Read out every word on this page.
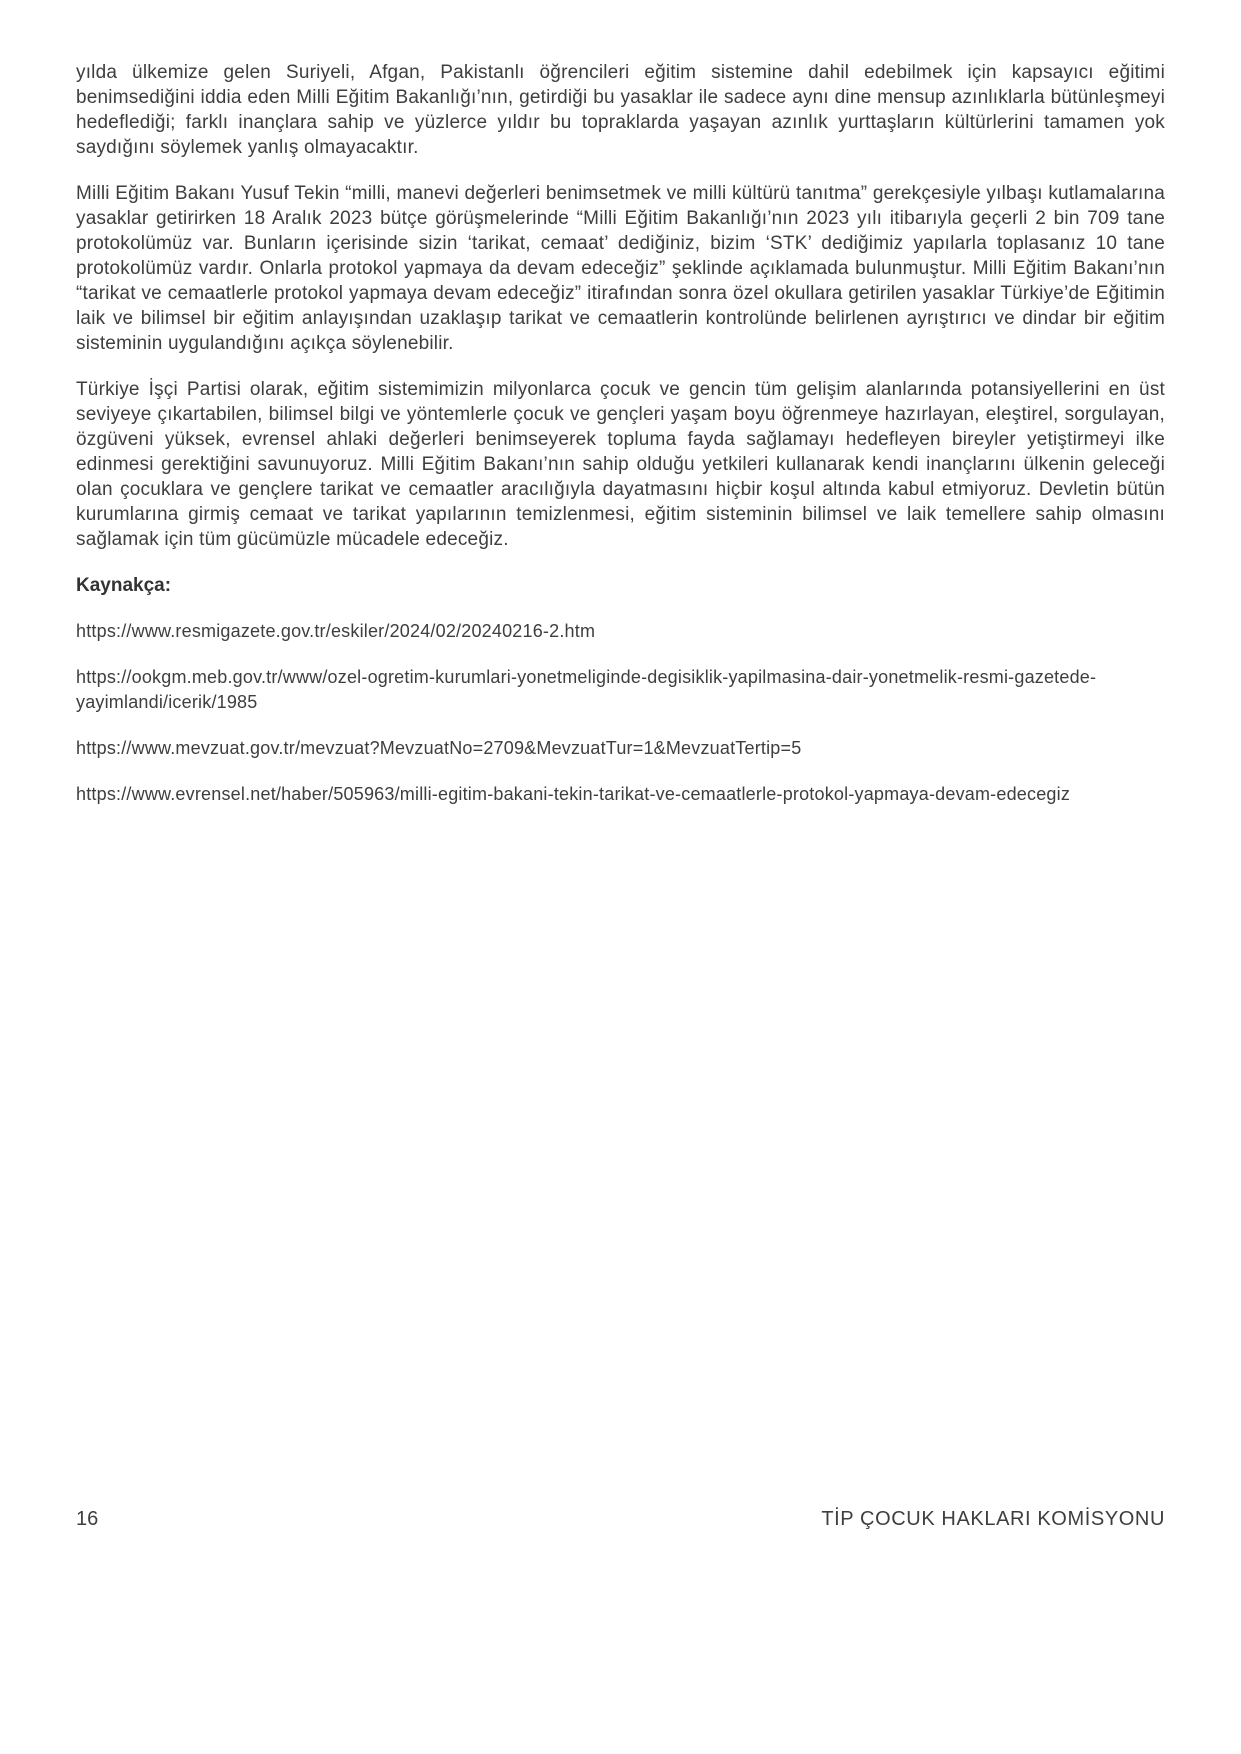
yılda ülkemize gelen Suriyeli, Afgan, Pakistanlı öğrencileri eğitim sistemine dahil edebilmek için kapsayıcı eğitimi benimsediğini iddia eden Milli Eğitim Bakanlığı’nın, getirdiği bu yasaklar ile sadece aynı dine mensup azınlıklarla bütünleşmeyi hedeflediği; farklı inançlara sahip ve yüzlerce yıldır bu topraklarda yaşayan azınlık yurttaşların kültürlerini tamamen yok saydığını söylemek yanlış olmayacaktır.

Milli Eğitim Bakanı Yusuf Tekin “milli, manevi değerleri benimsetmek ve milli kültürü tanıtma” gerekçesiyle yılbaşı kutlamalarına yasaklar getirirken 18 Aralık 2023 bütçe görüşmelerinde “Milli Eğitim Bakanlığı’nın 2023 yılı itibarıyla geçerli 2 bin 709 tane protokolümüz var. Bunların içerisinde sizin ‘tarikat, cemaat’ dediğiniz, bizim ‘STK’ dediğimiz yapılarla toplasanız 10 tane protokolümüz vardır. Onlarla protokol yapmaya da devam edeceğiz” şeklinde açıklamada bulunmuştur. Milli Eğitim Bakanı’nın “tarikat ve cemaatlerle protokol yapmaya devam edeceğiz” itirafından sonra özel okullara getirilen yasaklar Türkiye’de Eğitimin laik ve bilimsel bir eğitim anlayışından uzaklaşıp tarikat ve cemaatlerin kontrolünde belirlenen ayrıştırıcı ve dindar bir eğitim sisteminin uygulandığını açıkça söylenebilir.

Türkiye İşçi Partisi olarak, eğitim sistemimizin milyonlarca çocuk ve gencin tüm gelişim alanlarında potansiyellerini en üst seviyeye çıkartabilen, bilimsel bilgi ve yöntemlerle çocuk ve gençleri yaşam boyu öğrenmeye hazırlayan, eleştirel, sorgulayan, özgüveni yüksek, evrensel ahlaki değerleri benimseyerek topluma fayda sağlamayı hedefleyen bireyler yetiştirmeyi ilke edinmesi gerektiğini savunuyoruz. Milli Eğitim Bakanı’nın sahip olduğu yetkileri kullanarak kendi inançlarını ülkenin geleceği olan çocuklara ve gençlere tarikat ve cemaatler aracılığıyla dayatmasını hiçbir koşul altında kabul etmiyoruz. Devletin bütün kurumlarına girmiş cemaat ve tarikat yapılarının temizlenmesi, eğitim sisteminin bilimsel ve laik temellere sahip olmasını sağlamak için tüm gücümüzle mücadele edeceğiz.

Kaynakça:

https://www.resmigazete.gov.tr/eskiler/2024/02/20240216-2.htm

https://ookgm.meb.gov.tr/www/ozel-ogretim-kurumlari-yonetmeliginde-degisiklik-yapilmasina-dair-yonetmelik-resmi-gazetede-yayimlandi/icerik/1985

https://www.mevzuat.gov.tr/mevzuat?MevzuatNo=2709&MevzuatTur=1&MevzuatTertip=5

https://www.evrensel.net/haber/505963/milli-egitim-bakani-tekin-tarikat-ve-cemaatlerle-protokol-yapmaya-devam-edecegiz

16	TİP ÇOCUK HAKLARI KOMİSYONU
